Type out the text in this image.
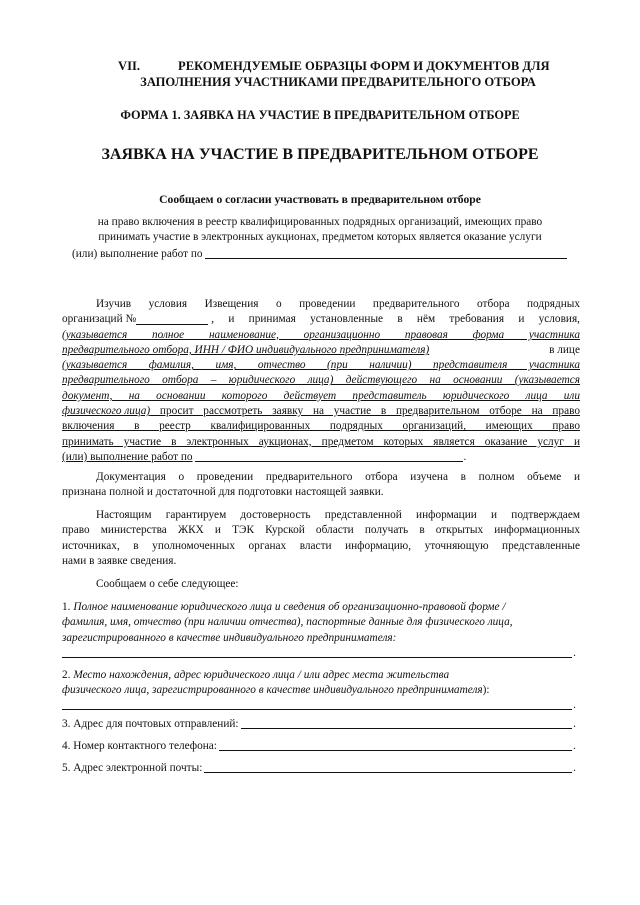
VII.	РЕКОМЕНДУЕМЫЕ ОБРАЗЦЫ ФОРМ И ДОКУМЕНТОВ ДЛЯ
ЗАПОЛНЕНИЯ УЧАСТНИКАМИ ПРЕДВАРИТЕЛЬНОГО ОТБОРА
ФОРМА 1. ЗАЯВКА НА УЧАСТИЕ В ПРЕДВАРИТЕЛЬНОМ ОТБОРЕ
ЗАЯВКА НА УЧАСТИЕ В ПРЕДВАРИТЕЛЬНОМ ОТБОРЕ
Сообщаем о согласии участвовать в предварительном отборе
на право включения в реестр квалифицированных подрядных организаций, имеющих право
принимать участие в электронных аукционах, предметом которых является оказание услуги
(или) выполнение работ по
Изучив условия Извещения о проведении предварительного отбора подрядных
организаций №	, и принимая установленные в нём требования и условия,
(указывается полное наименование, организационно правовая форма участника
предварительного отбора, ИНН / ФИО индивидуального предпринимателя)	в лице
(указывается фамилия, имя, отчество (при наличии) представителя участника
предварительного отбора – юридического лица) действующего на основании (указывается
документ, на основании которого действует представитель юридического лица или
физического лица) просит рассмотреть заявку на участие в предварительном отборе на право
включения в реестр квалифицированных подрядных организаций, имеющих право
принимать участие в электронных аукционах, предметом которых является оказание услуг и
(или) выполнение работ по	.
Документация о проведении предварительного отбора изучена в полном объеме и
признана полной и достаточной для подготовки настоящей заявки.
Настоящим гарантируем достоверность представленной информации и подтверждаем
право министерства ЖКХ и ТЭК Курской области получать в открытых информационных
источниках, в уполномоченных органах власти информацию, уточняющую представленные
нами в заявке сведения.
Сообщаем о себе следующее:
1. Полное наименование юридического лица и сведения об организационно-правовой форме /
фамилия, имя, отчество (при наличии отчества), паспортные данные для физического лица,
зарегистрированного в качестве индивидуального предпринимателя:
.
2. Место нахождения, адрес юридического лица / или адрес места жительства
физического лица, зарегистрированного в качестве индивидуального предпринимателя):
.
3. Адрес для почтовых отправлений:	.
4. Номер контактного телефона:	.
5. Адрес электронной почты:	.
